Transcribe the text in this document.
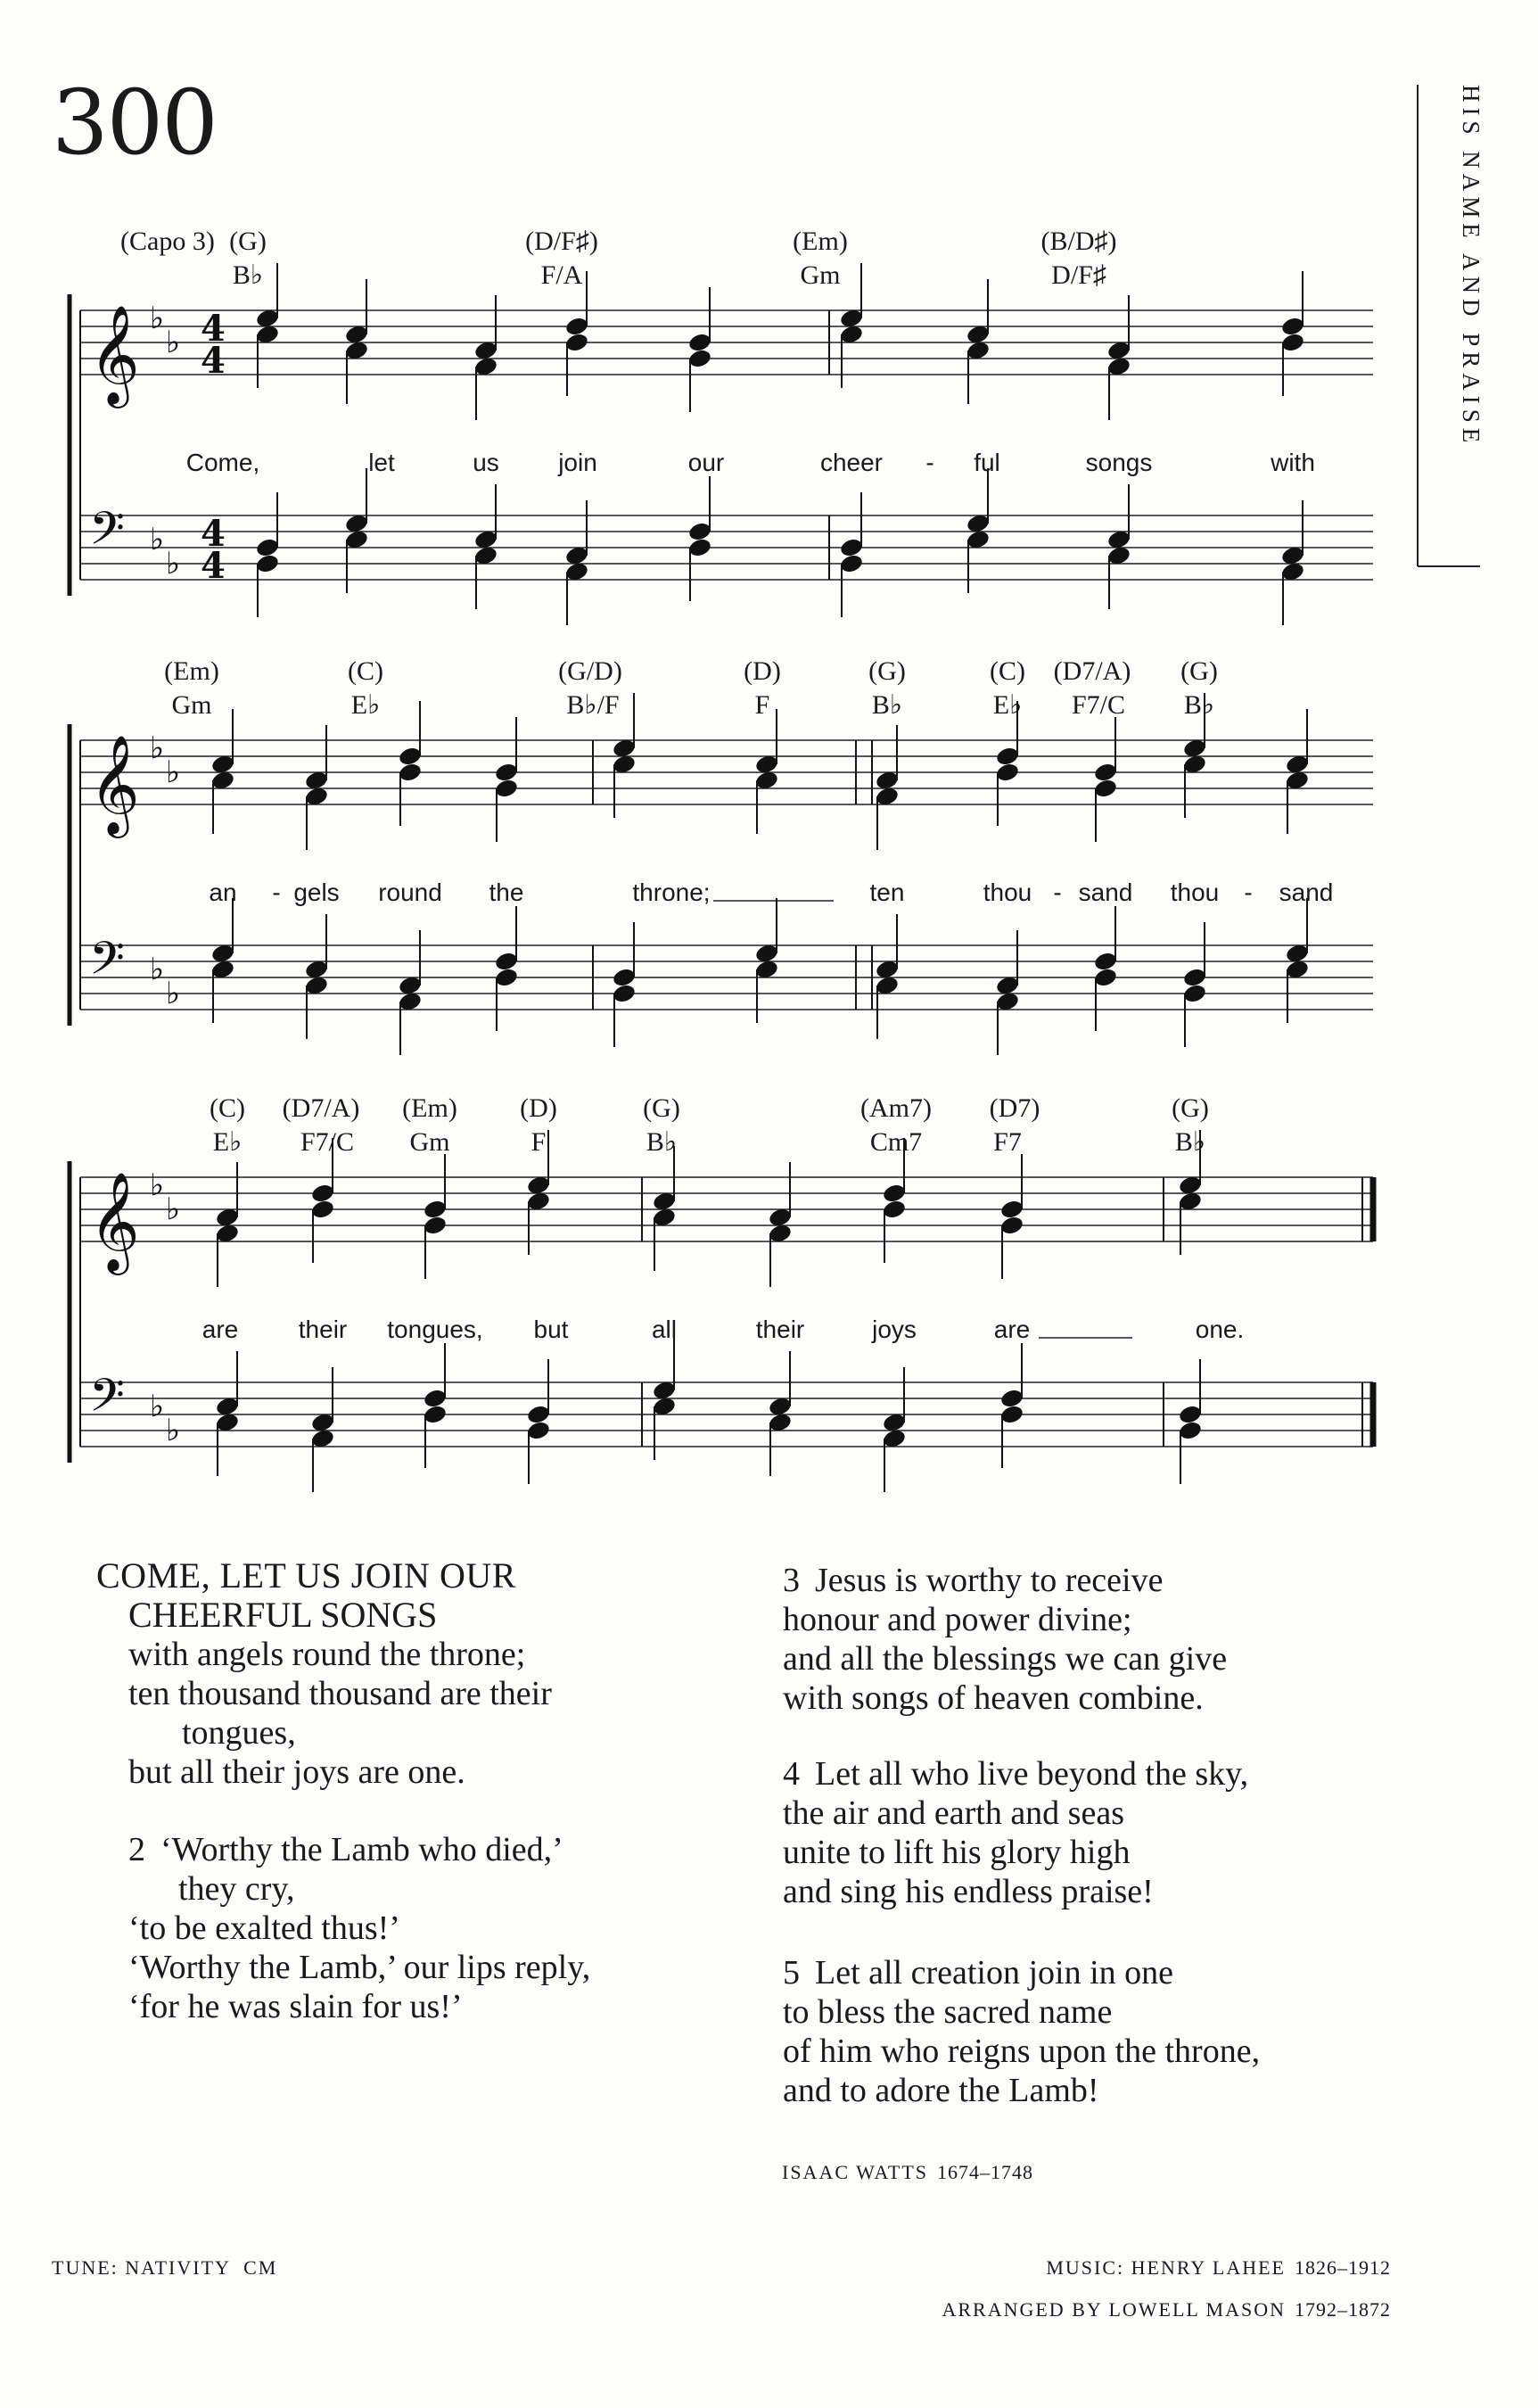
300	HIS NAME AND PRAISE
(Capo 3) (G)	(D/F♯)	(Em)	(B/D♯)
B♭	F/A	Gm	D/F♯
(Em)	(C)	(G/D)	(D)	(G)	(C) (D7/A) (G)
Gm	E♭	B♭/F	F	B♭	E♭ F7/C B♭
(C) (D7/A) (Em) (D)	(G)	(Am7) (D7)	(G)
E♭ F7/C Gm	F	B♭	Cm7	F7	B♭
𝄞 ♭
♭ 4
4
𝄢 ♭
♭
4
4
𝄞 ♭
♭
𝄢 ♭
♭
𝄞 ♭
♭
𝄢 ♭
♭
Come,	let	us join	our	cheer - ful	songs	with
an - gels round the	throne;	ten	thou - sand thou - sand
are their tongues, but	all	their	joys	are	one.
COME, LET US JOIN OUR
CHEERFUL SONGS
with angels round the throne;
ten thousand thousand are their
tongues,
but all their joys are one.
2 ‘Worthy the Lamb who died,’
they cry,
‘to be exalted thus!’
‘Worthy the Lamb,’ our lips reply,
‘for he was slain for us!’
3 Jesus is worthy to receive
honour and power divine;
and all the blessings we can give
with songs of heaven combine.
4 Let all who live beyond the sky,
the air and earth and seas
unite to lift his glory high
and sing his endless praise!
5 Let all creation join in one
to bless the sacred name
of him who reigns upon the throne,
and to adore the Lamb!
ISAAC WATTS 1674–1748
TUNE: NATIVITY  CM	MUSIC: HENRY LAHEE 1826–1912
ARRANGED BY LOWELL MASON 1792–1872
